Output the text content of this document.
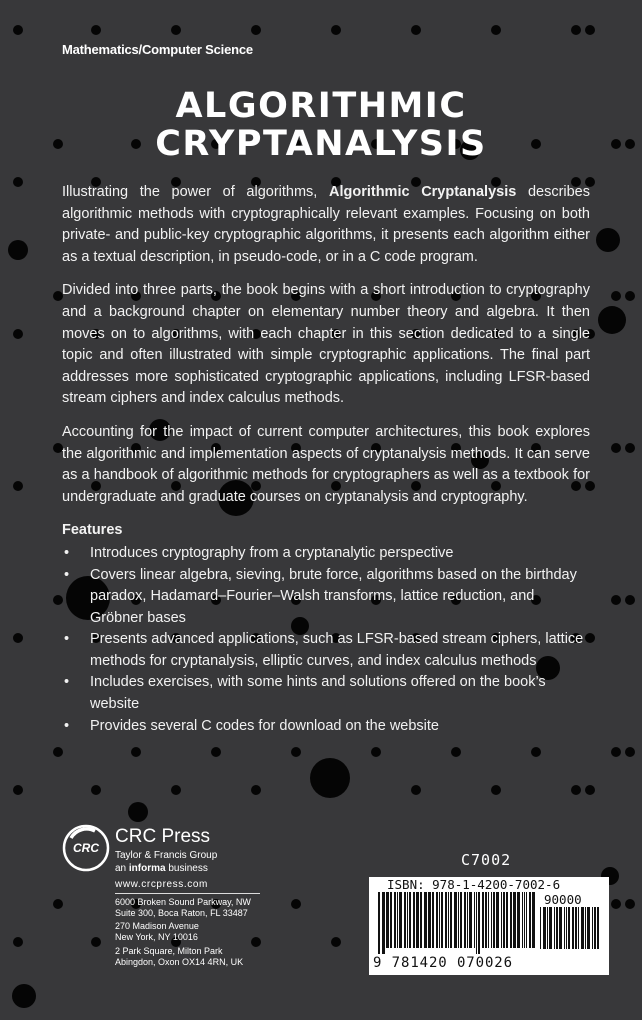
Mathematics/Computer Science
ALGORITHMIC
CRYPTANALYSIS

Illustrating the power of algorithms, Algorithmic Cryptanalysis describes algorithmic methods with cryptographically relevant examples. Focusing on both private- and public-key cryptographic algorithms, it presents each algorithm either as a textual description, in pseudo-code, or in a C code program.

Divided into three parts, the book begins with a short introduction to cryptography and a background chapter on elementary number theory and algebra. It then moves on to algorithms, with each chapter in this section dedicated to a single topic and often illustrated with simple cryptographic applications. The final part addresses more sophisticated cryptographic applications, including LFSR-based stream ciphers and index calculus methods.

Accounting for the impact of current computer architectures, this book explores the algorithmic and implementation aspects of cryptanalysis methods. It can serve as a handbook of algorithmic methods for cryptographers as well as a textbook for undergraduate and graduate courses on cryptanalysis and cryptography.

Features
• Introduces cryptography from a cryptanalytic perspective
• Covers linear algebra, sieving, brute force, algorithms based on the birthday paradox, Hadamard–Fourier–Walsh transforms, lattice reduction, and Gröbner bases
• Presents advanced applications, such as LFSR-based stream ciphers, lattice methods for cryptanalysis, elliptic curves, and index calculus methods
• Includes exercises, with some hints and solutions offered on the book’s website
• Provides several C codes for download on the website
CRC
CRC Press
Taylor & Francis Group
an informa business
www.crcpress.com
6000 Broken Sound Parkway, NW
Suite 300, Boca Raton, FL 33487
270 Madison Avenue
New York, NY 10016
2 Park Square, Milton Park
Abingdon, Oxon OX14 4RN, UK
C7002
ISBN: 978-1-4200-7002-6
90000
9 781420 070026
